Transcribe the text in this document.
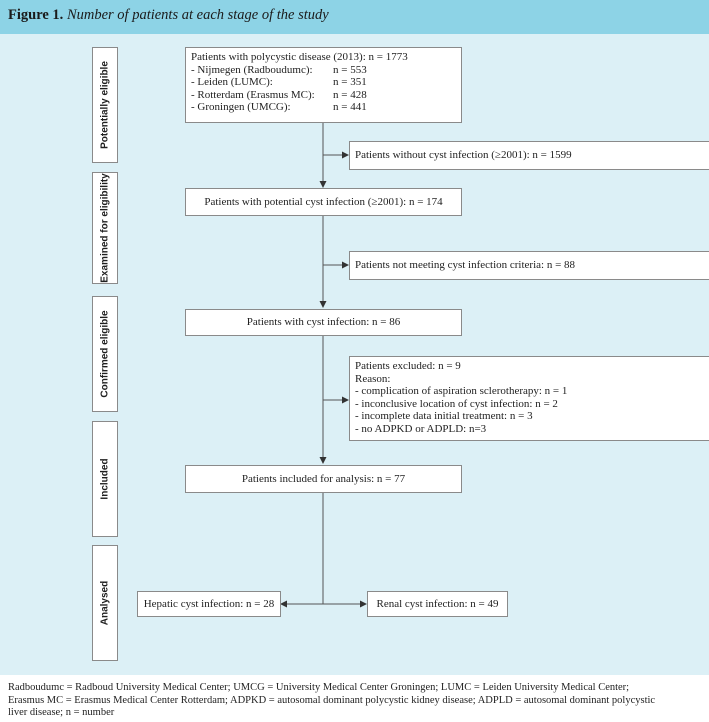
Figure 1. Number of patients at each stage of the study
Potentially eligible
Examined for eligibility
Confirmed eligible
Included
Analysed
Patients with polycystic disease (2013): n = 1773
- Nijmegen (Radboudumc):	n = 553
- Leiden (LUMC):	n = 351
- Rotterdam (Erasmus MC):	n = 428
- Groningen (UMCG):	n = 441
Patients without cyst infection (≥2001): n = 1599
Patients with potential cyst infection (≥2001): n = 174
Patients not meeting cyst infection criteria: n = 88
Patients with cyst infection: n = 86
Patients excluded: n = 9
Reason:
- complication of aspiration sclerotherapy: n = 1
- inconclusive location of cyst infection: n = 2
- incomplete data initial treatment: n = 3
- no ADPKD or ADPLD: n=3
Patients included for analysis: n = 77
Hepatic cyst infection: n = 28	Renal cyst infection: n = 49
Radboudumc = Radboud University Medical Center; UMCG = University Medical Center Groningen; LUMC = Leiden University Medical Center;
Erasmus MC = Erasmus Medical Center Rotterdam; ADPKD = autosomal dominant polycystic kidney disease; ADPLD = autosomal dominant polycystic
liver disease; n = number
